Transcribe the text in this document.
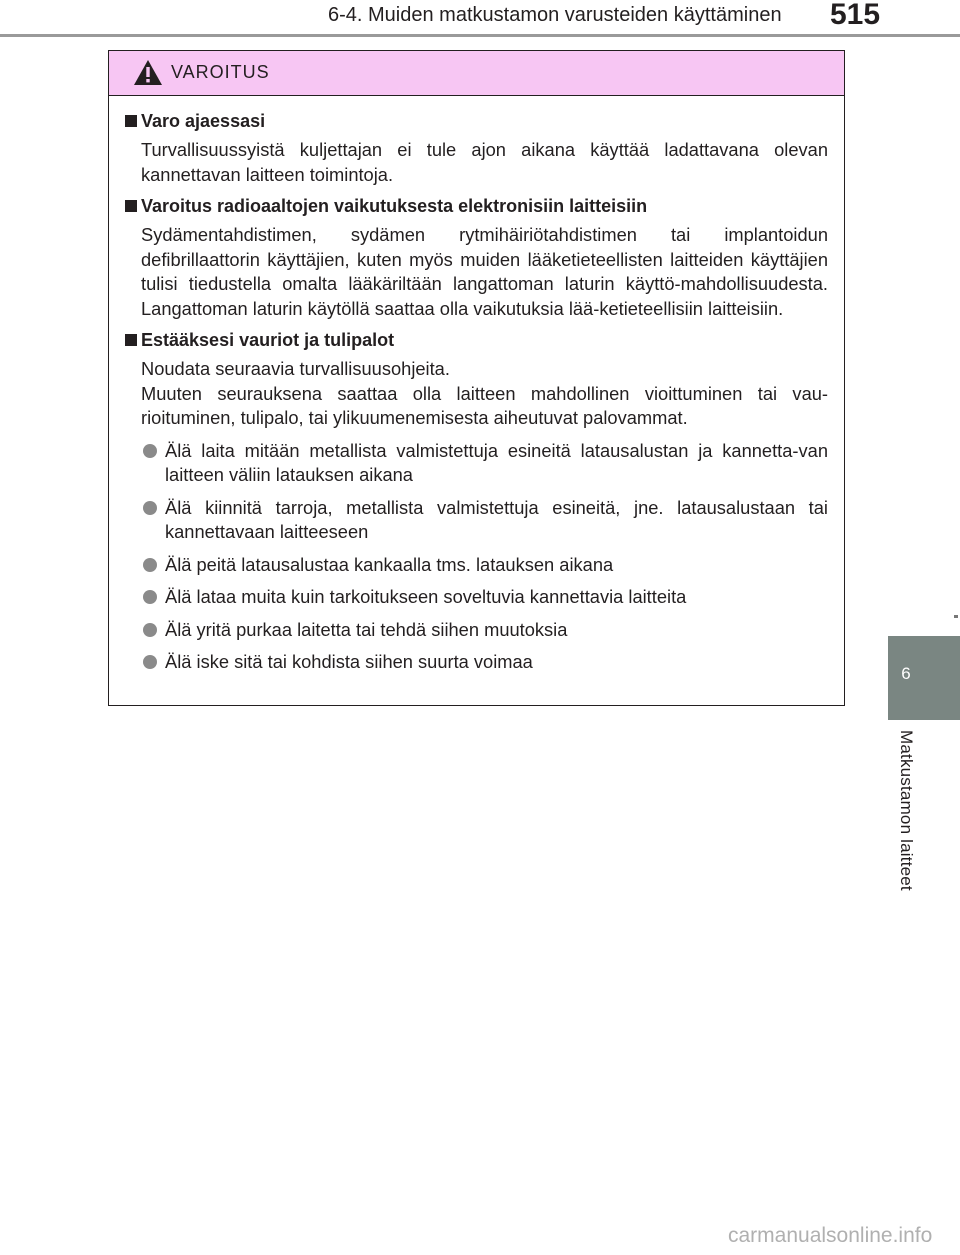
6-4. Muiden matkustamon varusteiden käyttäminen 515
6
Matkustamon laitteet
VAROITUS
Varo ajaessasi
Turvallisuussyistä kuljettajan ei tule ajon aikana käyttää ladattavana olevan kannettavan laitteen toimintoja.
Varoitus radioaaltojen vaikutuksesta elektronisiin laitteisiin
Sydämentahdistimen, sydämen rytmihäiriötahdistimen tai implantoidun defibrillaattorin käyttäjien, kuten myös muiden lääketieteellisten laitteiden käyttäjien tulisi tiedustella omalta lääkäriltään langattoman laturin käyttö-mahdollisuudesta. Langattoman laturin käytöllä saattaa olla vaikutuksia lää-ketieteellisiin laitteisiin.
Estääksesi vauriot ja tulipalot
Noudata seuraavia turvallisuusohjeita.
Muuten seurauksena saattaa olla laitteen mahdollinen vioittuminen tai vau-rioituminen, tulipalo, tai ylikuumenemisesta aiheutuvat palovammat.
Älä laita mitään metallista valmistettuja esineitä latausalustan ja kannetta-van laitteen väliin latauksen aikana
Älä kiinnitä tarroja, metallista valmistettuja esineitä, jne. latausalustaan tai kannettavaan laitteeseen
Älä peitä latausalustaa kankaalla tms. latauksen aikana
Älä lataa muita kuin tarkoitukseen soveltuvia kannettavia laitteita
Älä yritä purkaa laitetta tai tehdä siihen muutoksia
Älä iske sitä tai kohdista siihen suurta voimaa
carmanualsonline.info
